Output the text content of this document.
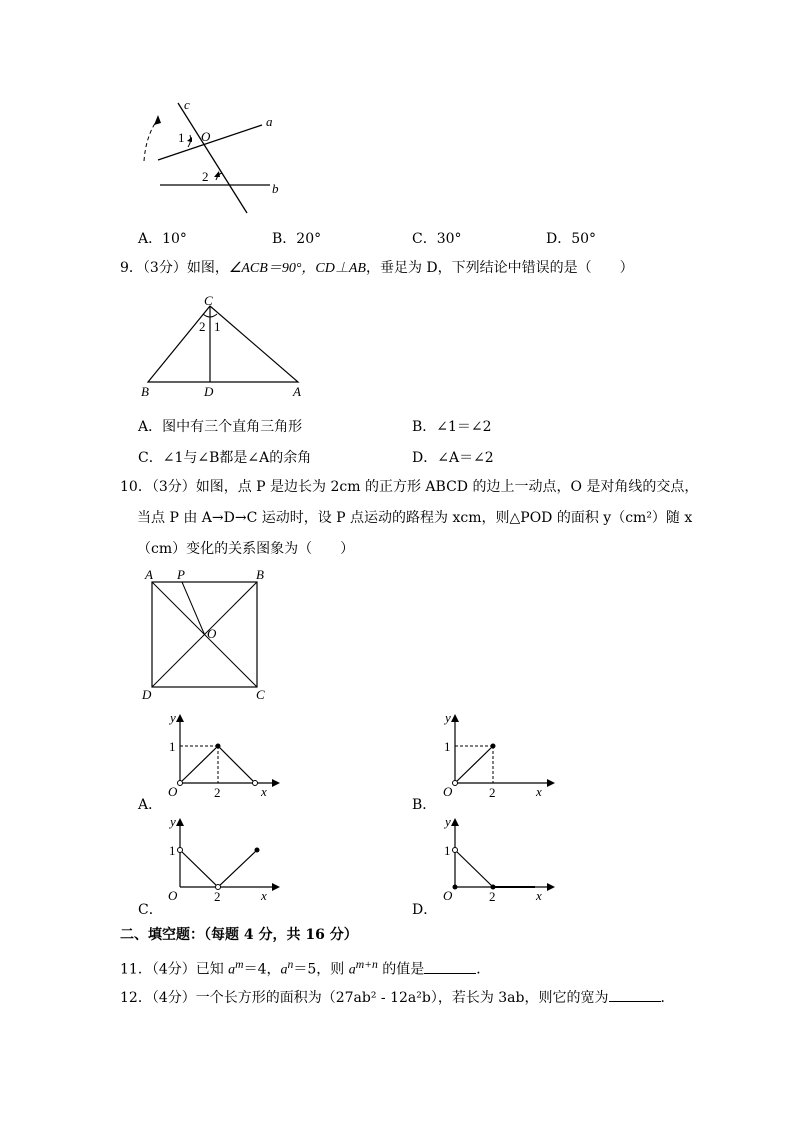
c
a
b
O
1
2
A．10°	B．20°	C．30°	D．50°
9．（3分）如图，∠ACB＝90°，CD⊥AB，垂足为 D，下列结论中错误的是（　　）
C
B	D	A
2 1
A．图中有三个直角三角形	B．∠1＝∠2
C．∠1与∠B都是∠A的余角	D．∠A＝∠2
10．（3分）如图，点 P 是边长为 2cm 的正方形 ABCD 的边上一动点，O 是对角线的交点，
当点 P 由 A→D→C 运动时，设 P 点运动的路程为 xcm，则△POD 的面积 y（cm²）随 x
（cm）变化的关系图象为（　　）
A P	B
O
D	C
y
x
O
1
2
A．
y
x
O
1
2
B．
y
x
O
1
2
C．
y
x
O
1
2
D．
二、填空题：（每题 4 分，共 16 分）
11．（4分）已知 $a^m=4$，$a^n=5$，则 $a^{m+n}$ 的值是	．
12．（4分）一个长方形的面积为（27ab² - 12a²b），若长为 3ab，则它的宽为	．
